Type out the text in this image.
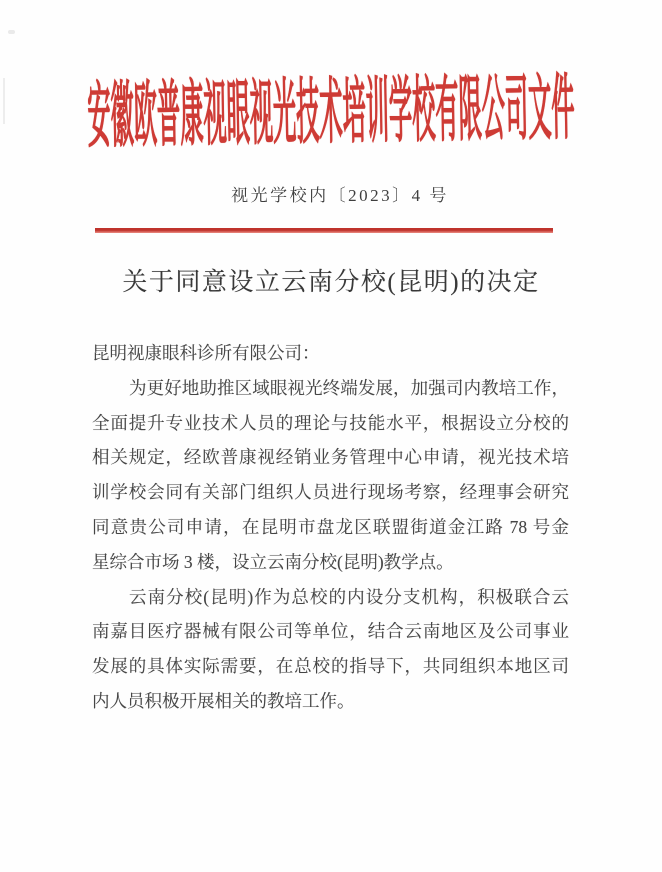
安徽欧普康视眼视光技术培训学校有限公司文件
视光学校内〔2023〕4 号
关于同意设立云南分校(昆明)的决定
昆明视康眼科诊所有限公司：
为更好地助推区域眼视光终端发展，加强司内教培工作，
全面提升专业技术人员的理论与技能水平，根据设立分校的
相关规定，经欧普康视经销业务管理中心申请，视光技术培
训学校会同有关部门组织人员进行现场考察，经理事会研究
同意贵公司申请，在昆明市盘龙区联盟街道金江路 78 号金
星综合市场 3 楼，设立云南分校(昆明)教学点。
云南分校(昆明)作为总校的内设分支机构，积极联合云
南嘉目医疗器械有限公司等单位，结合云南地区及公司事业
发展的具体实际需要，在总校的指导下，共同组织本地区司
内人员积极开展相关的教培工作。
